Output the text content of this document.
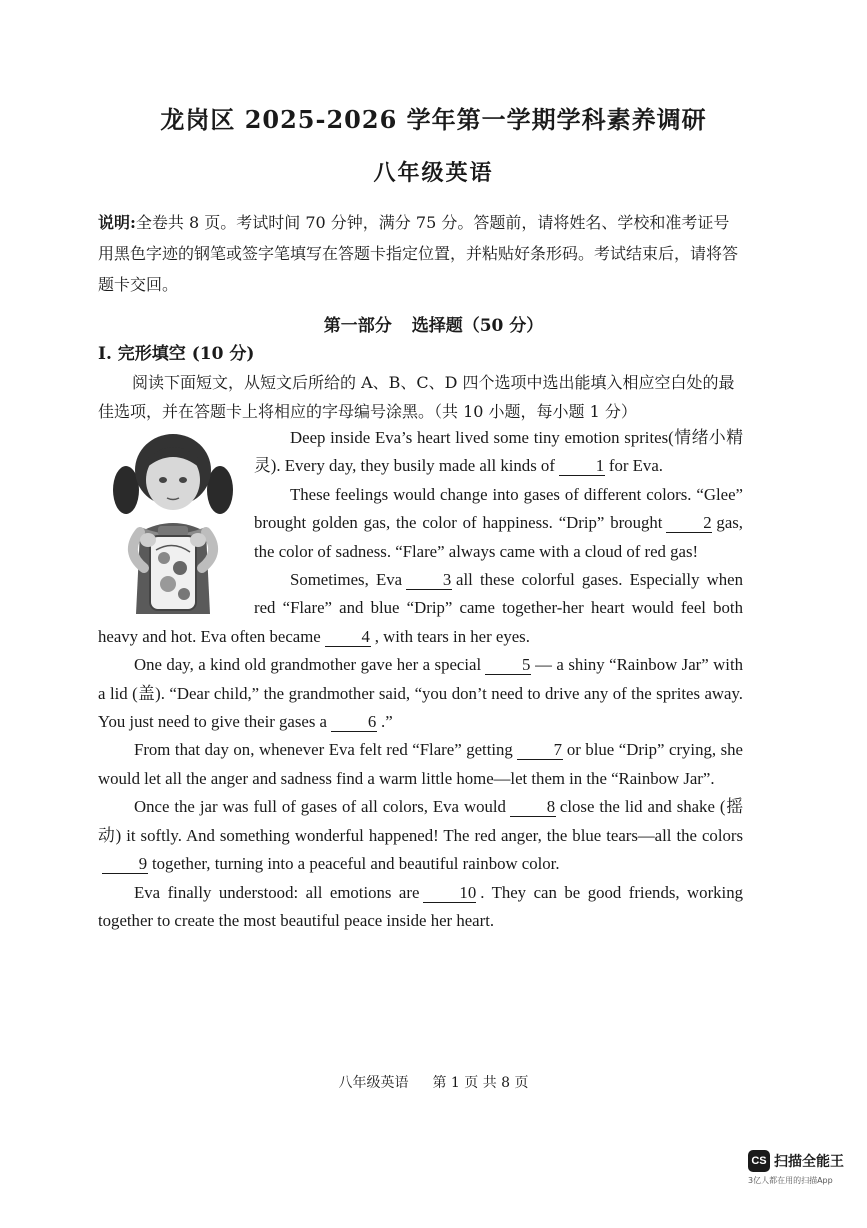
龙岗区 2025-2026 学年第一学期学科素养调研
八年级英语
说明:全卷共 8 页。考试时间 70 分钟，满分 75 分。答题前，请将姓名、学校和准考证号用黑色字迹的钢笔或签字笔填写在答题卡指定位置，并粘贴好条形码。考试结束后，请将答题卡交回。
第一部分 选择题（50 分）
I. 完形填空 (10 分)
阅读下面短文，从短文后所给的 A、B、C、D 四个选项中选出能填入相应空白处的最佳选项，并在答题卡上将相应的字母编号涂黑。（共 10 小题，每小题 1 分）

Deep inside Eva’s heart lived some tiny emotion sprites(情绪小精灵). Every day, they busily made all kinds of 1 for Eva.

These feelings would change into gases of different colors. “Glee” brought golden gas, the color of happiness. “Drip” brought 2 gas, the color of sadness. “Flare” always came with a cloud of red gas!

Sometimes, Eva 3 all these colorful gases. Especially when red “Flare” and blue “Drip” came together-her heart would feel both heavy and hot. Eva often became 4 , with tears in her eyes.

One day, a kind old grandmother gave her a special 5 — a shiny “Rainbow Jar” with a lid (盖). “Dear child,” the grandmother said, “you don’t need to drive any of the sprites away. You just need to give their gases a 6 .”

From that day on, whenever Eva felt red “Flare” getting 7 or blue “Drip” crying, she would let all the anger and sadness find a warm little home—let them in the “Rainbow Jar”.

Once the jar was full of gases of all colors, Eva would 8 close the lid and shake (摇动) it softly. And something wonderful happened! The red anger, the blue tears—all the colors9 together, turning into a peaceful and beautiful rainbow color.

Eva finally understood: all emotions are 10 . They can be good friends, working together to create the most beautiful peace inside her heart.

八年级英语 第 1 页 共 8 页
CS 扫描全能王
3亿人都在用的扫描App
